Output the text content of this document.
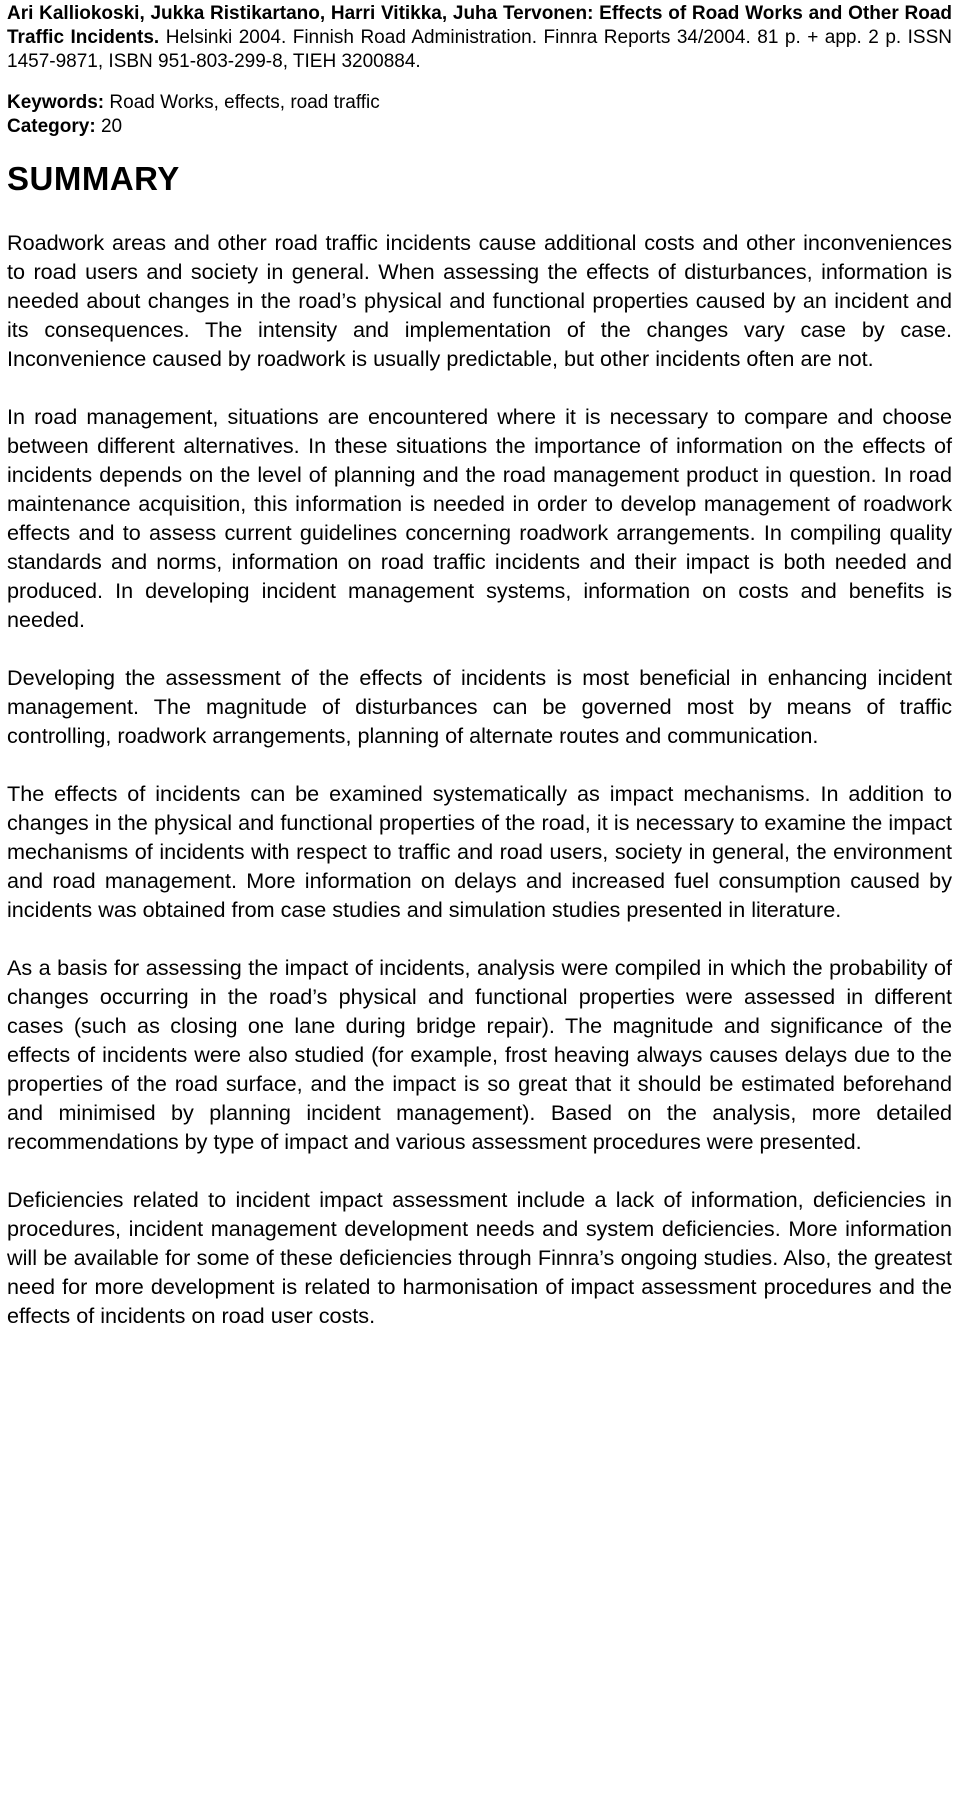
Ari Kalliokoski, Jukka Ristikartano, Harri Vitikka, Juha Tervonen: Effects of Road Works and Other Road Traffic Incidents. Helsinki 2004. Finnish Road Administration. Finnra Reports 34/2004. 81 p. + app. 2 p. ISSN 1457-9871, ISBN 951-803-299-8, TIEH 3200884.

Keywords: Road Works, effects, road traffic

Category: 20

SUMMARY

Roadwork areas and other road traffic incidents cause additional costs and other inconveniences to road users and society in general. When assessing the effects of disturbances, information is needed about changes in the road’s physical and functional properties caused by an incident and its consequences. The intensity and implementation of the changes vary case by case. Inconvenience caused by roadwork is usually predictable, but other incidents often are not.

In road management, situations are encountered where it is necessary to compare and choose between different alternatives. In these situations the importance of information on the effects of incidents depends on the level of planning and the road management product in question. In road maintenance acquisition, this information is needed in order to develop management of roadwork effects and to assess current guidelines concerning roadwork arrangements. In compiling quality standards and norms, information on road traffic incidents and their impact is both needed and produced. In developing incident management systems, information on costs and benefits is needed.

Developing the assessment of the effects of incidents is most beneficial in enhancing incident management. The magnitude of disturbances can be governed most by means of traffic controlling, roadwork arrangements, planning of alternate routes and communication.

The effects of incidents can be examined systematically as impact mechanisms. In addition to changes in the physical and functional properties of the road, it is necessary to examine the impact mechanisms of incidents with respect to traffic and road users, society in general, the environment and road management. More information on delays and increased fuel consumption caused by incidents was obtained from case studies and simulation studies presented in literature.

As a basis for assessing the impact of incidents, analysis were compiled in which the probability of changes occurring in the road’s physical and functional properties were assessed in different cases (such as closing one lane during bridge repair). The magnitude and significance of the effects of incidents were also studied (for example, frost heaving always causes delays due to the properties of the road surface, and the impact is so great that it should be estimated beforehand and minimised by planning incident management). Based on the analysis, more detailed recommendations by type of impact and various assessment procedures were presented.

Deficiencies related to incident impact assessment include a lack of information, deficiencies in procedures, incident management development needs and system deficiencies. More information will be available for some of these deficiencies through Finnra’s ongoing studies. Also, the greatest need for more development is related to harmonisation of impact assessment procedures and the effects of incidents on road user costs.
